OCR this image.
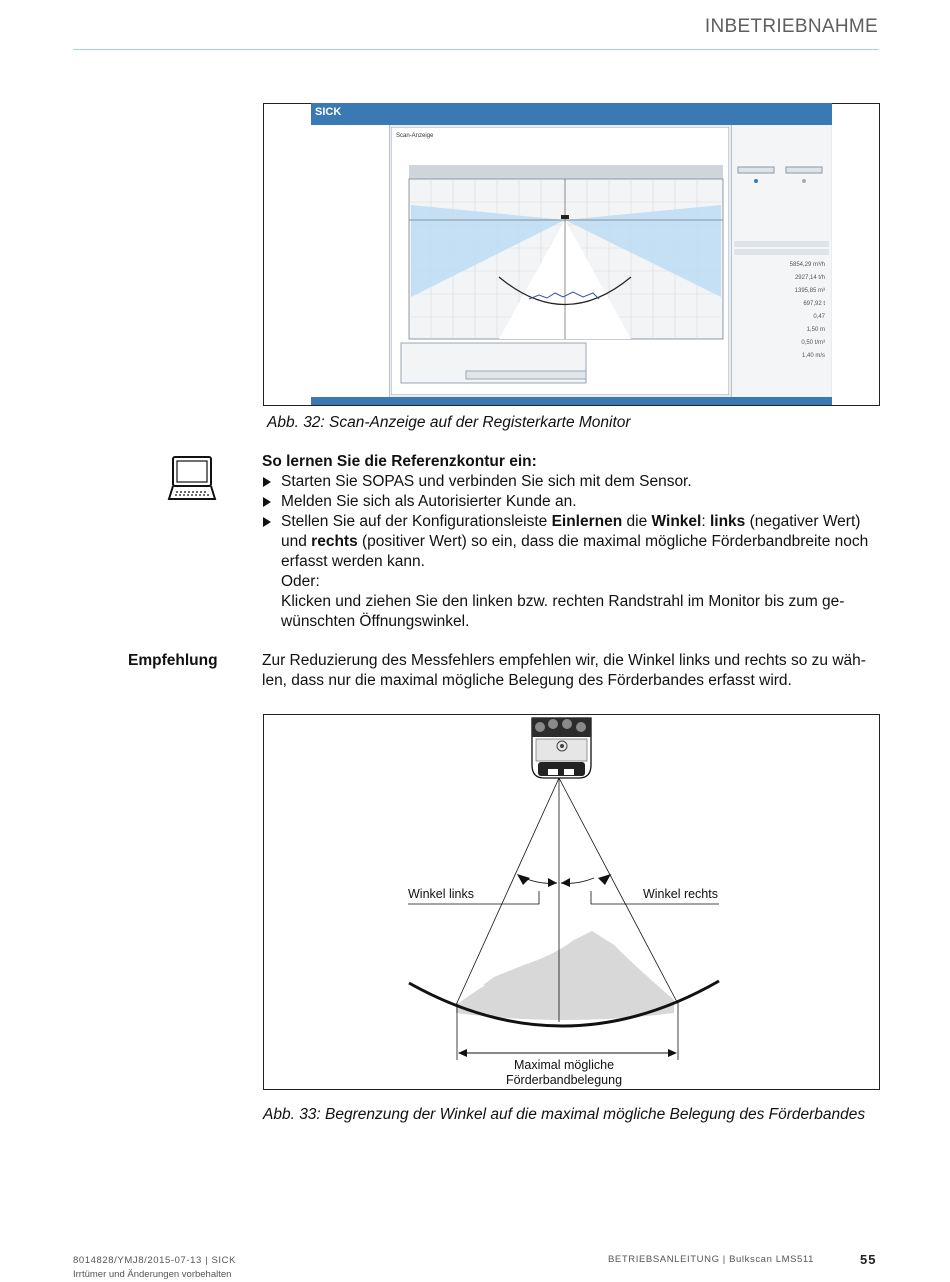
INBETRIEBNAHME
SICK
Scan-Anzeige
5854,29 m³/h
2927,14 t/h
1395,85 m³
697,92 t
0,47
1,50 m
0,50 t/m³
1,40 m/s
Abb. 32: Scan-Anzeige auf der Registerkarte Monitor
So lernen Sie die Referenzkontur ein:
Starten Sie SOPAS und verbinden Sie sich mit dem Sensor.
Melden Sie sich als Autorisierter Kunde an.
Stellen Sie auf der Konfigurationsleiste Einlernen die Winkel: links (negativer Wert) und rechts (positiver Wert) so ein, dass die maximal mögliche Förderbandbreite noch erfasst werden kann.
Oder:
Klicken und ziehen Sie den linken bzw. rechten Randstrahl im Monitor bis zum ge-wünschten Öffnungswinkel.
Empfehlung	Zur Reduzierung des Messfehlers empfehlen wir, die Winkel links und rechts so zu wäh-len, dass nur die maximal mögliche Belegung des Förderbandes erfasst wird.
Winkel links	Winkel rechts
Maximal mögliche
Förderbandbelegung
Abb. 33: Begrenzung der Winkel auf die maximal mögliche Belegung des Förderbandes
8014828/YMJ8/2015-07-13 | SICK
Irrtümer und Änderungen vorbehalten
BETRIEBSANLEITUNG | Bulkscan LMS511	55
